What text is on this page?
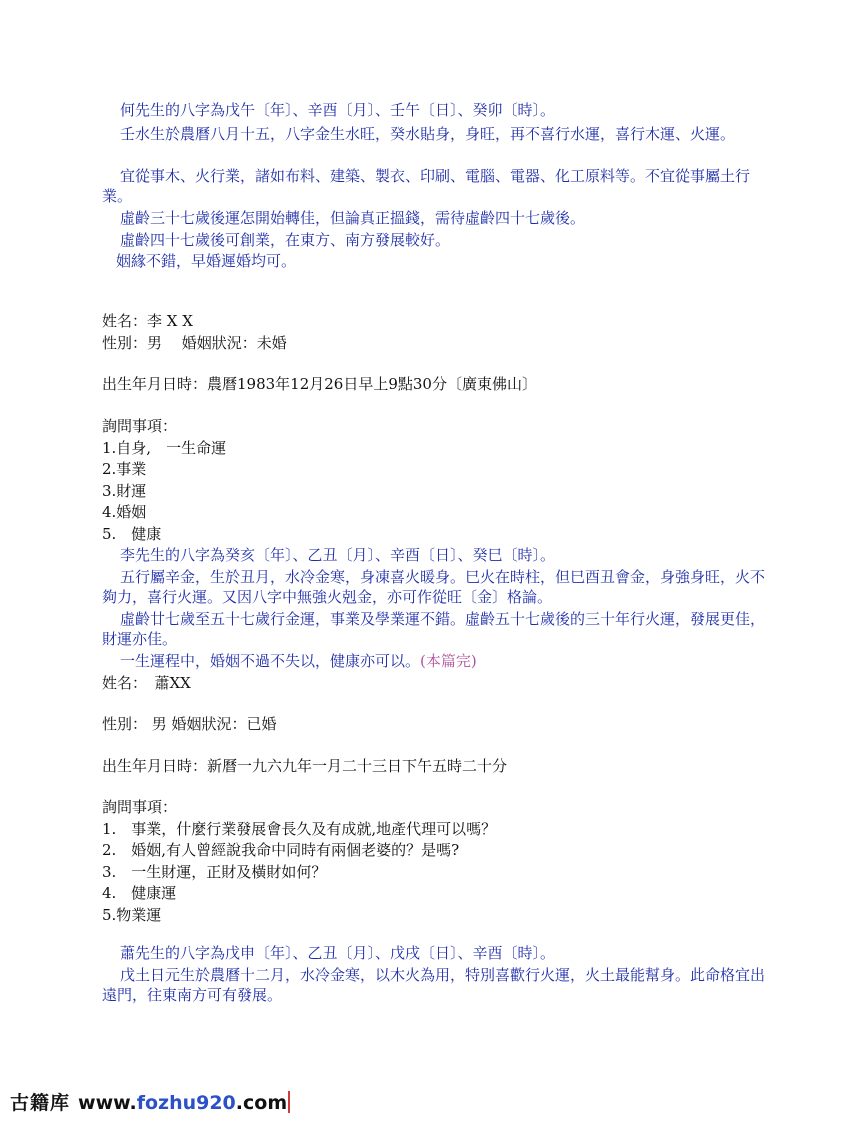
何先生的八字為戊午〔年〕、辛酉〔月〕、壬午〔日〕、癸卯〔時〕。

壬水生於農曆八月十五，八字金生水旺，癸水貼身，身旺，再不喜行水運，喜行木運、火運。

宜從事木、火行業，諸如布料、建築、製衣、印刷、電腦、電器、化工原料等。不宜從事屬土行業。

虛齡三十七歲後運怎開始轉佳，但論真正搵錢，需待虛齡四十七歲後。

虛齡四十七歲後可創業，在東方、南方發展較好。

姻緣不錯，早婚遲婚均可。

姓名：李 X X

性別：男　 婚姻狀況：未婚

出生年月日時：農曆1983年12月26日早上9點30分〔廣東佛山〕

詢問事項：

1.自身,　一生命運

2.事業

3.財運

4.婚姻

5.　健康

李先生的八字為癸亥〔年〕、乙丑〔月〕、辛酉〔日〕、癸巳〔時〕。

五行屬辛金，生於丑月，水冷金寒，身凍喜火暖身。巳火在時柱，但巳酉丑會金，身強身旺，火不夠力，喜行火運。又因八字中無強火剋金，亦可作從旺〔金〕格論。

虛齡廿七歲至五十七歲行金運，事業及學業運不錯。虛齡五十七歲後的三十年行火運，發展更佳，財運亦佳。

一生運程中，婚姻不過不失以，健康亦可以。(本篇完)

姓名：　蕭XX

性別： 男 婚姻狀況：已婚

出生年月日時：新曆一九六九年一月二十三日下午五時二十分

詢問事項：

1.　事業，什麼行業發展會長久及有成就,地產代理可以嗎？

2.　婚姻,有人曾經說我命中同時有兩個老婆的？是嗎?

3.　一生財運，正財及橫財如何？

4.　健康運

5.物業運

蕭先生的八字為戊申〔年〕、乙丑〔月〕、戊戌〔日〕、辛酉〔時〕。

戊土日元生於農曆十二月，水冷金寒，以木火為用，特別喜歡行火運，火土最能幫身。此命格宜出遠門，往東南方可有發展。

古籍库 www.fozhu920.com
